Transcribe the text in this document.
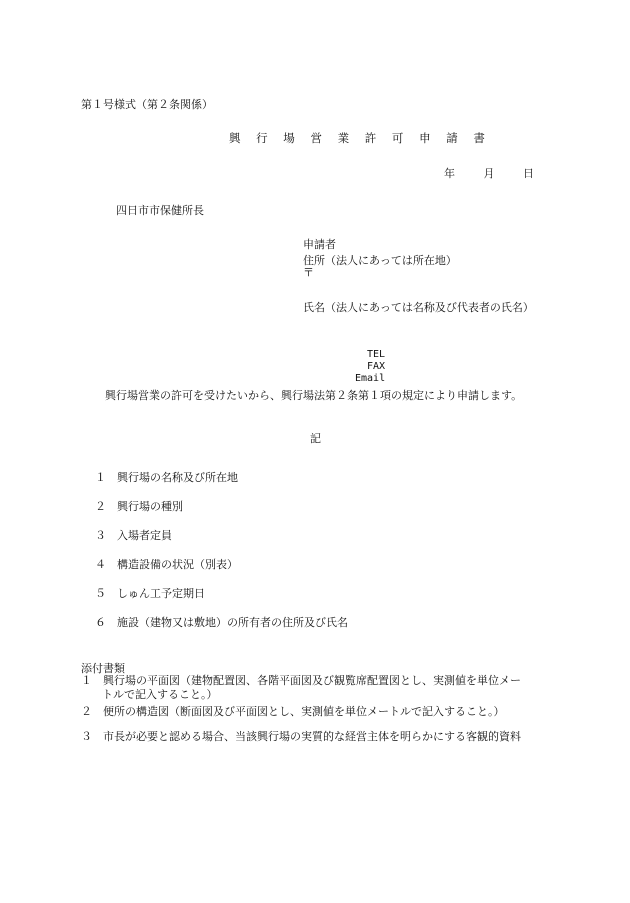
第１号様式（第２条関係）
興 行 場 営 業 許 可 申 請 書
年	月	日
四日市市保健所長
申請者
住所（法人にあっては所在地）
〒
氏名（法人にあっては名称及び代表者の氏名）
TEL
FAX
Email
興行場営業の許可を受けたいから、興行場法第２条第１項の規定により申請します。
記
１ 興行場の名称及び所在地
２ 興行場の種別
３ 入場者定員
４ 構造設備の状況（別表）
５ しゅん工予定期日
６ 施設（建物又は敷地）の所有者の住所及び氏名
添付書類
１ 興行場の平面図（建物配置図、各階平面図及び観覧席配置図とし、実測値を単位メー
トルで記入すること。）
２ 便所の構造図（断面図及び平面図とし、実測値を単位メートルで記入すること。）
３ 市長が必要と認める場合、当該興行場の実質的な経営主体を明らかにする客観的資料
